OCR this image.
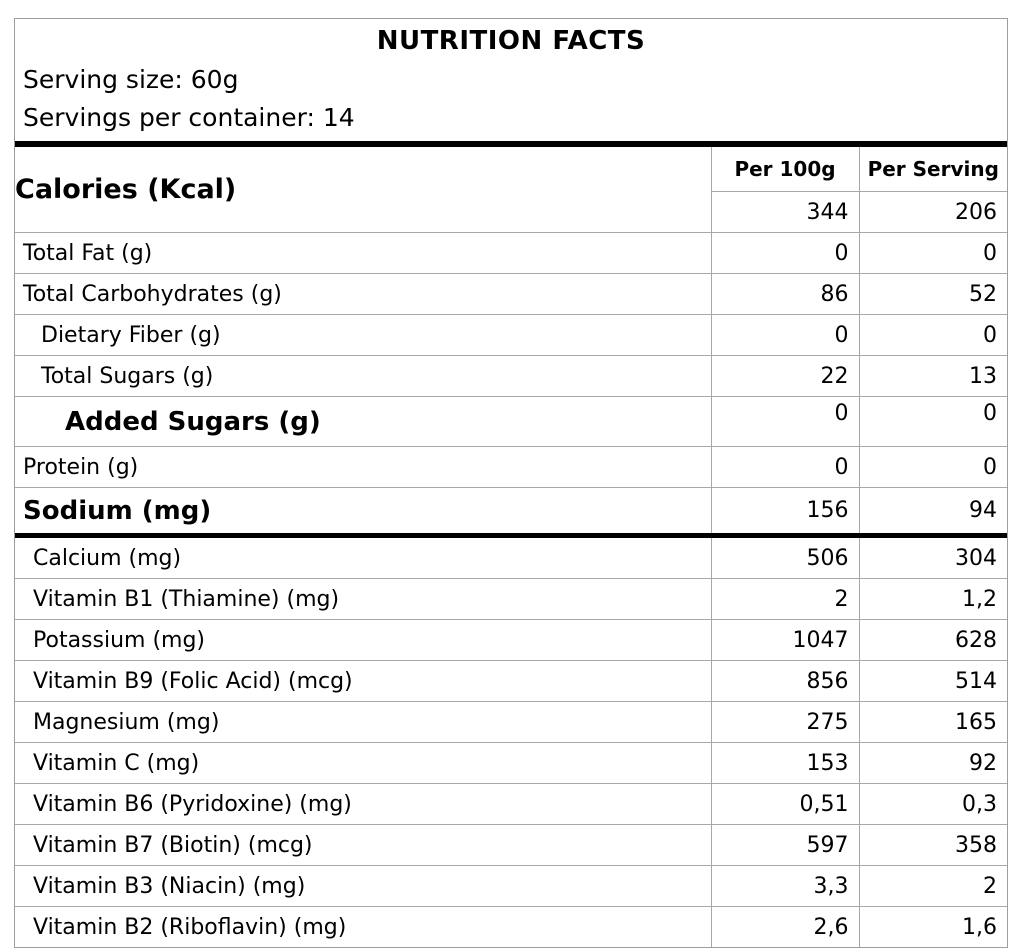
NUTRITION FACTS
Serving size: 60g
Servings per container: 14
Calories (Kcal)	Per 100g	Per Serving
	344	206
Total Fat (g)	0	0
Total Carbohydrates (g)	86	52
Dietary Fiber (g)	0	0
Total Sugars (g)	22	13
Added Sugars (g)	0	0
Protein (g)	0	0
Sodium (mg)	156	94
Calcium (mg)	506	304
Vitamin B1 (Thiamine) (mg)	2	1,2
Potassium (mg)	1047	628
Vitamin B9 (Folic Acid) (mcg)	856	514
Magnesium (mg)	275	165
Vitamin C (mg)	153	92
Vitamin B6 (Pyridoxine) (mg)	0,51	0,3
Vitamin B7 (Biotin) (mcg)	597	358
Vitamin B3 (Niacin) (mg)	3,3	2
Vitamin B2 (Riboflavin) (mg)	2,6	1,6
